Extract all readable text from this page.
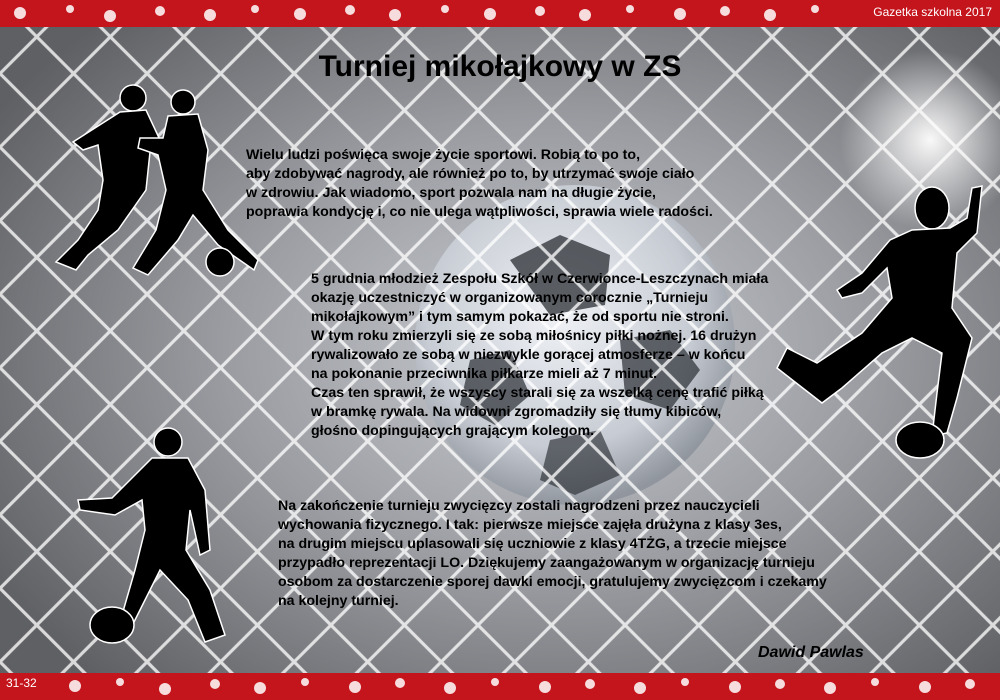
Gazetka szkolna 2017
31-32
Turniej mikołajkowy w ZS
Wielu ludzi poświęca swoje życie sportowi. Robią to po to,
aby zdobywać nagrody, ale również po to, by utrzymać swoje ciało
w zdrowiu. Jak wiadomo, sport pozwala nam na długie życie,
poprawia kondycję i, co nie ulega wątpliwości, sprawia wiele radości.
5 grudnia młodzież Zespołu Szkół w Czerwioncе-Leszczynach miała
okazję uczestniczyć w organizowanym corocznie „Turnieju
mikołajkowym” i tym samym pokazać, że od sportu nie stroni.
W tym roku zmierzyli się ze sobą miłośnicy piłki nożnej. 16 drużyn
rywalizowało ze sobą w niezwykle gorącej atmosferze – w końcu
na pokonanie przeciwnika piłkarze mieli aż 7 minut.
Czas ten sprawił, że wszyscy starali się za wszelką cenę trafić piłką
w bramkę rywala. Na widowni zgromadziły się tłumy kibiców,
głośno dopingujących grającym kolegom.
Na zakończenie turnieju zwycięzcy zostali nagrodzeni przez nauczycieli
wychowania fizycznego. I tak: pierwsze miejsce zajęła drużyna z klasy 3es,
na drugim miejscu uplasowali się uczniowie z klasy 4TŻG, a trzecie miejsce
przypadło reprezentacji LO. Dziękujemy zaangażowanym w organizację turnieju
osobom za dostarczenie sporej dawki emocji, gratulujemy zwycięzcom i czekamy
na kolejny turniej.
Dawid Pawlas
